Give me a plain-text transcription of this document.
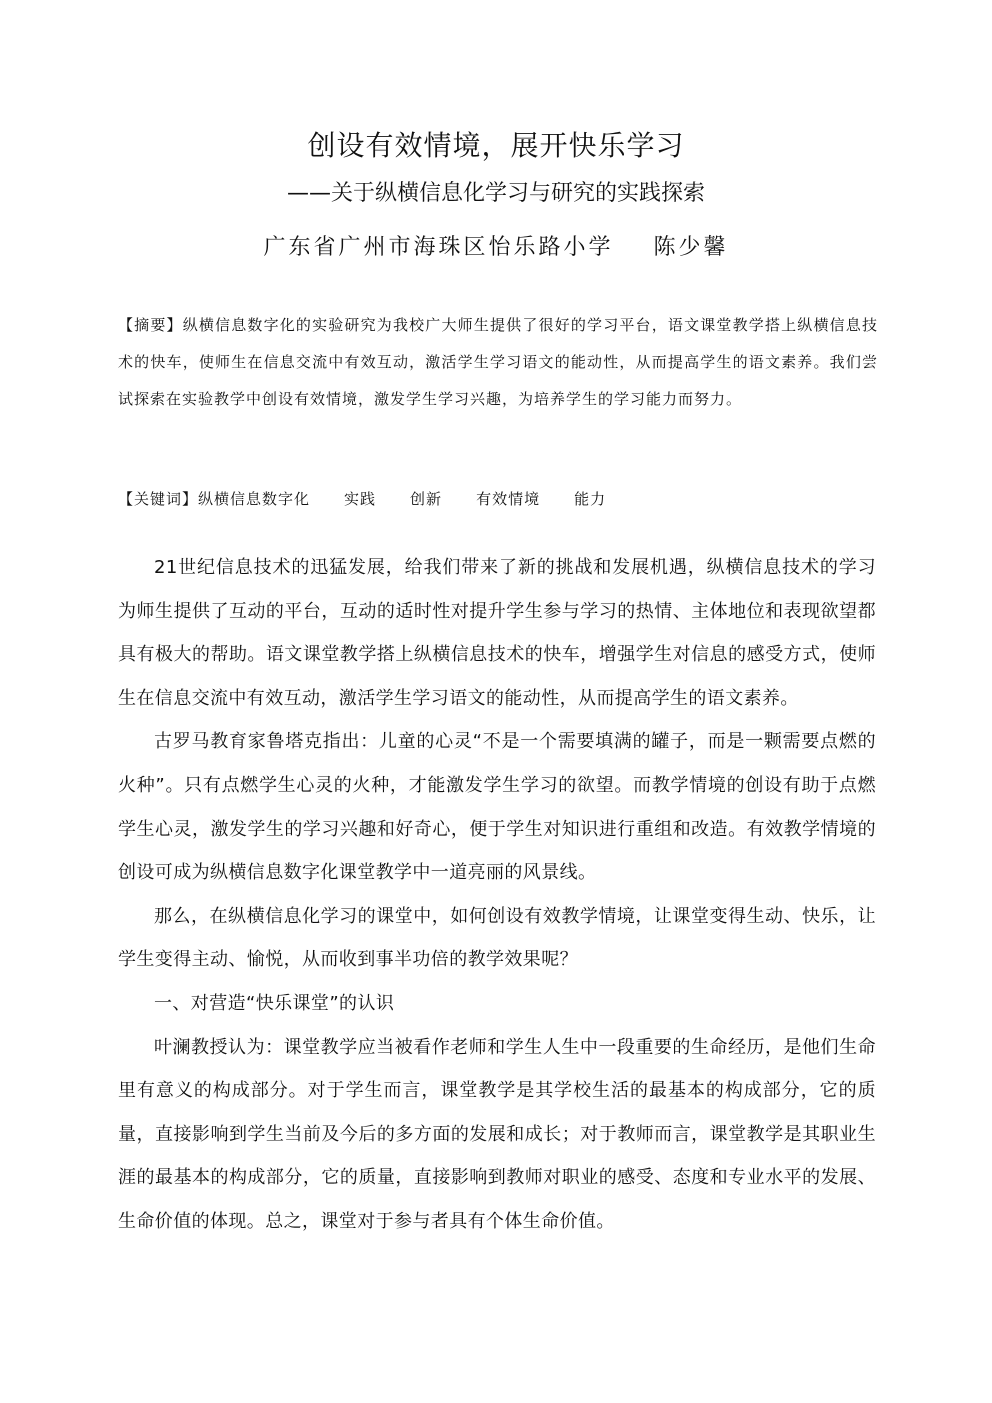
创设有效情境，展开快乐学习
——关于纵横信息化学习与研究的实践探索
广东省广州市海珠区怡乐路小学 陈少馨

【摘要】纵横信息数字化的实验研究为我校广大师生提供了很好的学习平台，语文课堂教学搭上纵横信息技术的快车，使师生在信息交流中有效互动，激活学生学习语文的能动性，从而提高学生的语文素养。我们尝试探索在实验教学中创设有效情境，激发学生学习兴趣，为培养学生的学习能力而努力。

【关键词】纵横信息数字化 实践 创新 有效情境 能力

21世纪信息技术的迅猛发展，给我们带来了新的挑战和发展机遇，纵横信息技术的学习为师生提供了互动的平台，互动的适时性对提升学生参与学习的热情、主体地位和表现欲望都具有极大的帮助。语文课堂教学搭上纵横信息技术的快车，增强学生对信息的感受方式，使师生在信息交流中有效互动，激活学生学习语文的能动性，从而提高学生的语文素养。

古罗马教育家鲁塔克指出：儿童的心灵“不是一个需要填满的罐子，而是一颗需要点燃的火种”。只有点燃学生心灵的火种，才能激发学生学习的欲望。而教学情境的创设有助于点燃学生心灵，激发学生的学习兴趣和好奇心，便于学生对知识进行重组和改造。有效教学情境的创设可成为纵横信息数字化课堂教学中一道亮丽的风景线。

那么，在纵横信息化学习的课堂中，如何创设有效教学情境，让课堂变得生动、快乐，让学生变得主动、愉悦，从而收到事半功倍的教学效果呢？

一、对营造“快乐课堂”的认识

叶澜教授认为：课堂教学应当被看作老师和学生人生中一段重要的生命经历，是他们生命里有意义的构成部分。对于学生而言，课堂教学是其学校生活的最基本的构成部分，它的质量，直接影响到学生当前及今后的多方面的发展和成长；对于教师而言，课堂教学是其职业生涯的最基本的构成部分，它的质量，直接影响到教师对职业的感受、态度和专业水平的发展、生命价值的体现。总之，课堂对于参与者具有个体生命价值。
